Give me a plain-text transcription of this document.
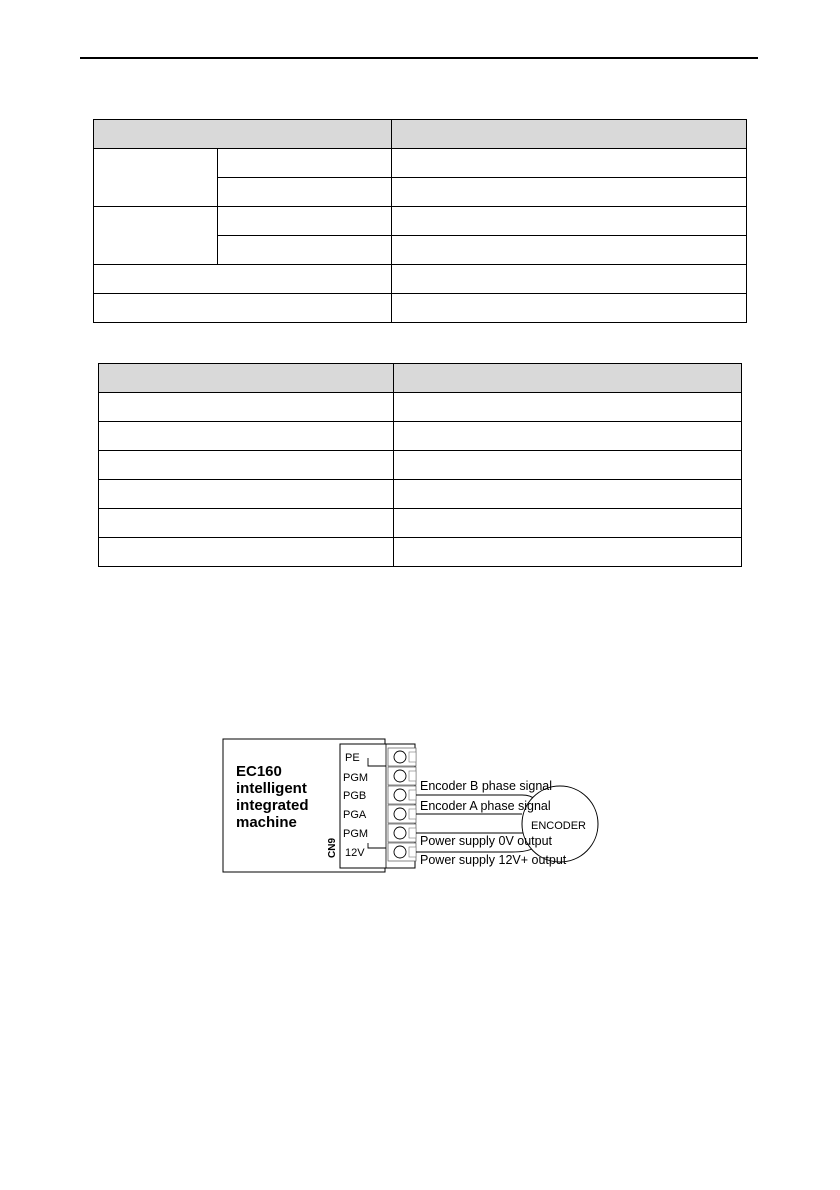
EC160
intelligent
integrated
machine
CN9
PE
PGM
PGB
PGA
PGM
12V
ENCODER
Encoder B phase signal
Encoder A phase signal
Power supply 0V output
Power supply 12V+ output
